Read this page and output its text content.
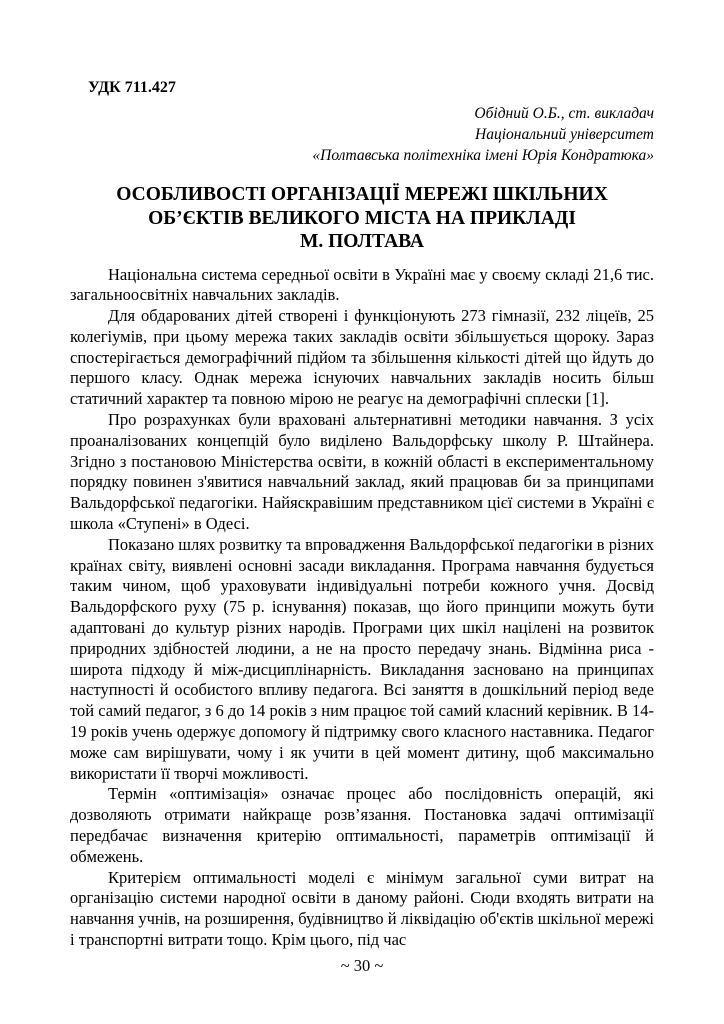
УДК 711.427
Обідний О.Б., ст. викладач
Національний університет
«Полтавська політехніка імені Юрія Кондратюка»
ОСОБЛИВОСТІ ОРГАНІЗАЦІЇ МЕРЕЖІ ШКІЛЬНИХ
ОБ’ЄКТІВ ВЕЛИКОГО МІСТА НА ПРИКЛАДІ
М. ПОЛТАВА

Національна система середньої освіти в Україні має у своєму складі 21,6 тис. загальноосвітніх навчальних закладів.

Для обдарованих дітей створені і функціонують 273 гімназії, 232 ліцеїв, 25 колегіумів, при цьому мережа таких закладів освіти збільшується щороку. Зараз спостерігається демографічний підйом та збільшення кількості дітей що йдуть до першого класу. Однак мережа існуючих навчальних закладів носить більш статичний характер та повною мірою не реагує на демографічні сплески [1].

Про розрахунках були враховані альтернативні методики навчання. З усіх проаналізованих концепцій було виділено Вальдорфську школу Р. Штайнера. Згідно з постановою Міністерства освіти, в кожній області в експериментальному порядку повинен з'явитися навчальний заклад, який працював би за принципами Вальдорфської педагогіки. Найяскравішим представником цієї системи в Україні є школа «Ступені» в Одесі.

Показано шлях розвитку та впровадження Вальдорфської педагогіки в різних країнах світу, виявлені основні засади викладання. Програма навчання будується таким чином, щоб ураховувати індивідуальні потреби кожного учня. Досвід Вальдорфского руху (75 р. існування) показав, що його принципи можуть бути адаптовані до культур різних народів. Програми цих шкіл націлені на розвиток природних здібностей людини, а не на просто передачу знань. Відмінна риса - широта підходу й між-дисциплінарність. Викладання засновано на принципах наступності й особистого впливу педагога. Всі заняття в дошкільний період веде той самий педагог, з 6 до 14 років з ним працює той самий класний керівник. В 14-19 років учень одержує допомогу й підтримку свого класного наставника. Педагог може сам вирішувати, чому і як учити в цей момент дитину, щоб максимально використати її творчі можливості.

Термін «оптимізація» означає процес або послідовність операцій, які дозволяють отримати найкраще розв’язання. Постановка задачі оптимізації передбачає визначення критерію оптимальності, параметрів оптимізації й обмежень.

Критерієм оптимальності моделі є мінімум загальної суми витрат на організацію системи народної освіти в даному районі. Сюди входять витрати на навчання учнів, на розширення, будівництво й ліквідацію об'єктів шкільної мережі і транспортні витрати тощо. Крім цього, під час

~ 30 ~
